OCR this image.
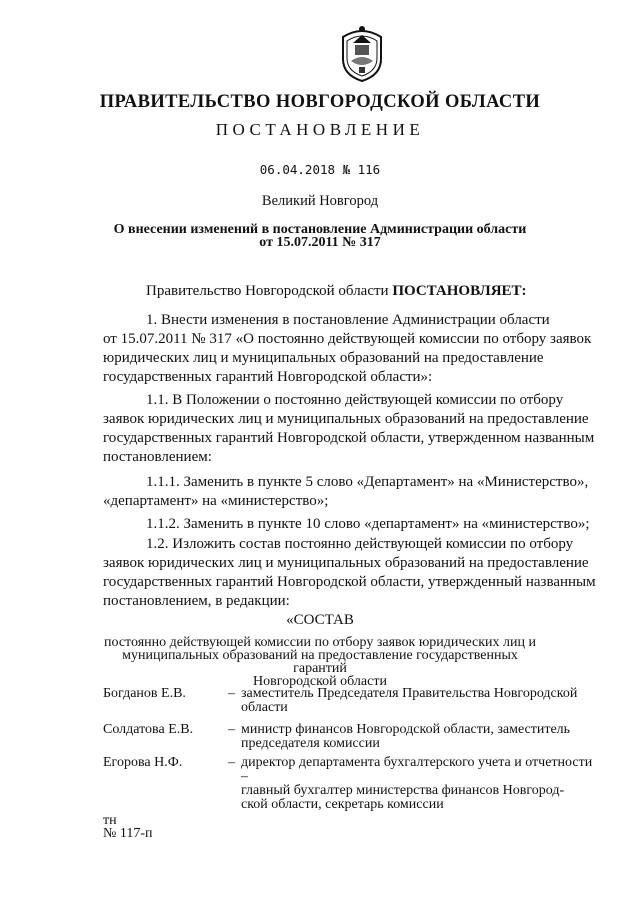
ПРАВИТЕЛЬСТВО НОВГОРОДСКОЙ ОБЛАСТИ
ПОСТАНОВЛЕНИЕ
06.04.2018 № 116
Великий Новгород
О внесении изменений в постановление Администрации области
от 15.07.2011 № 317
Правительство Новгородской области ПОСТАНОВЛЯЕТ:
1. Внести изменения в постановление Администрации области
от 15.07.2011 № 317 «О постоянно действующей комиссии по отбору заявок
юридических лиц и муниципальных образований на предоставление
государственных гарантий Новгородской области»:
1.1. В Положении о постоянно действующей комиссии по отбору
заявок юридических лиц и муниципальных образований на предоставление
государственных гарантий Новгородской области, утвержденном названным
постановлением:
1.1.1. Заменить в пункте 5 слово «Департамент» на «Министерство»,
«департамент» на «министерство»;
1.1.2. Заменить в пункте 10 слово «департамент» на «министерство»;
1.2. Изложить состав постоянно действующей комиссии по отбору
заявок юридических лиц и муниципальных образований на предоставление
государственных гарантий Новгородской области, утвержденный названным
постановлением, в редакции:
«СОСТАВ
постоянно действующей комиссии по отбору заявок юридических лиц и
муниципальных образований на предоставление государственных гарантий
Новгородской области
Богданов Е.В.	– заместитель Председателя Правительства Новгородской
области
Солдатова Е.В. – министр финансов Новгородской области, заместитель
председателя комиссии
Егорова Н.Ф.	– директор департамента бухгалтерского учета и отчетности –
главный бухгалтер министерства финансов Новгород-
ской области, секретарь комиссии
тн
№ 117-п
